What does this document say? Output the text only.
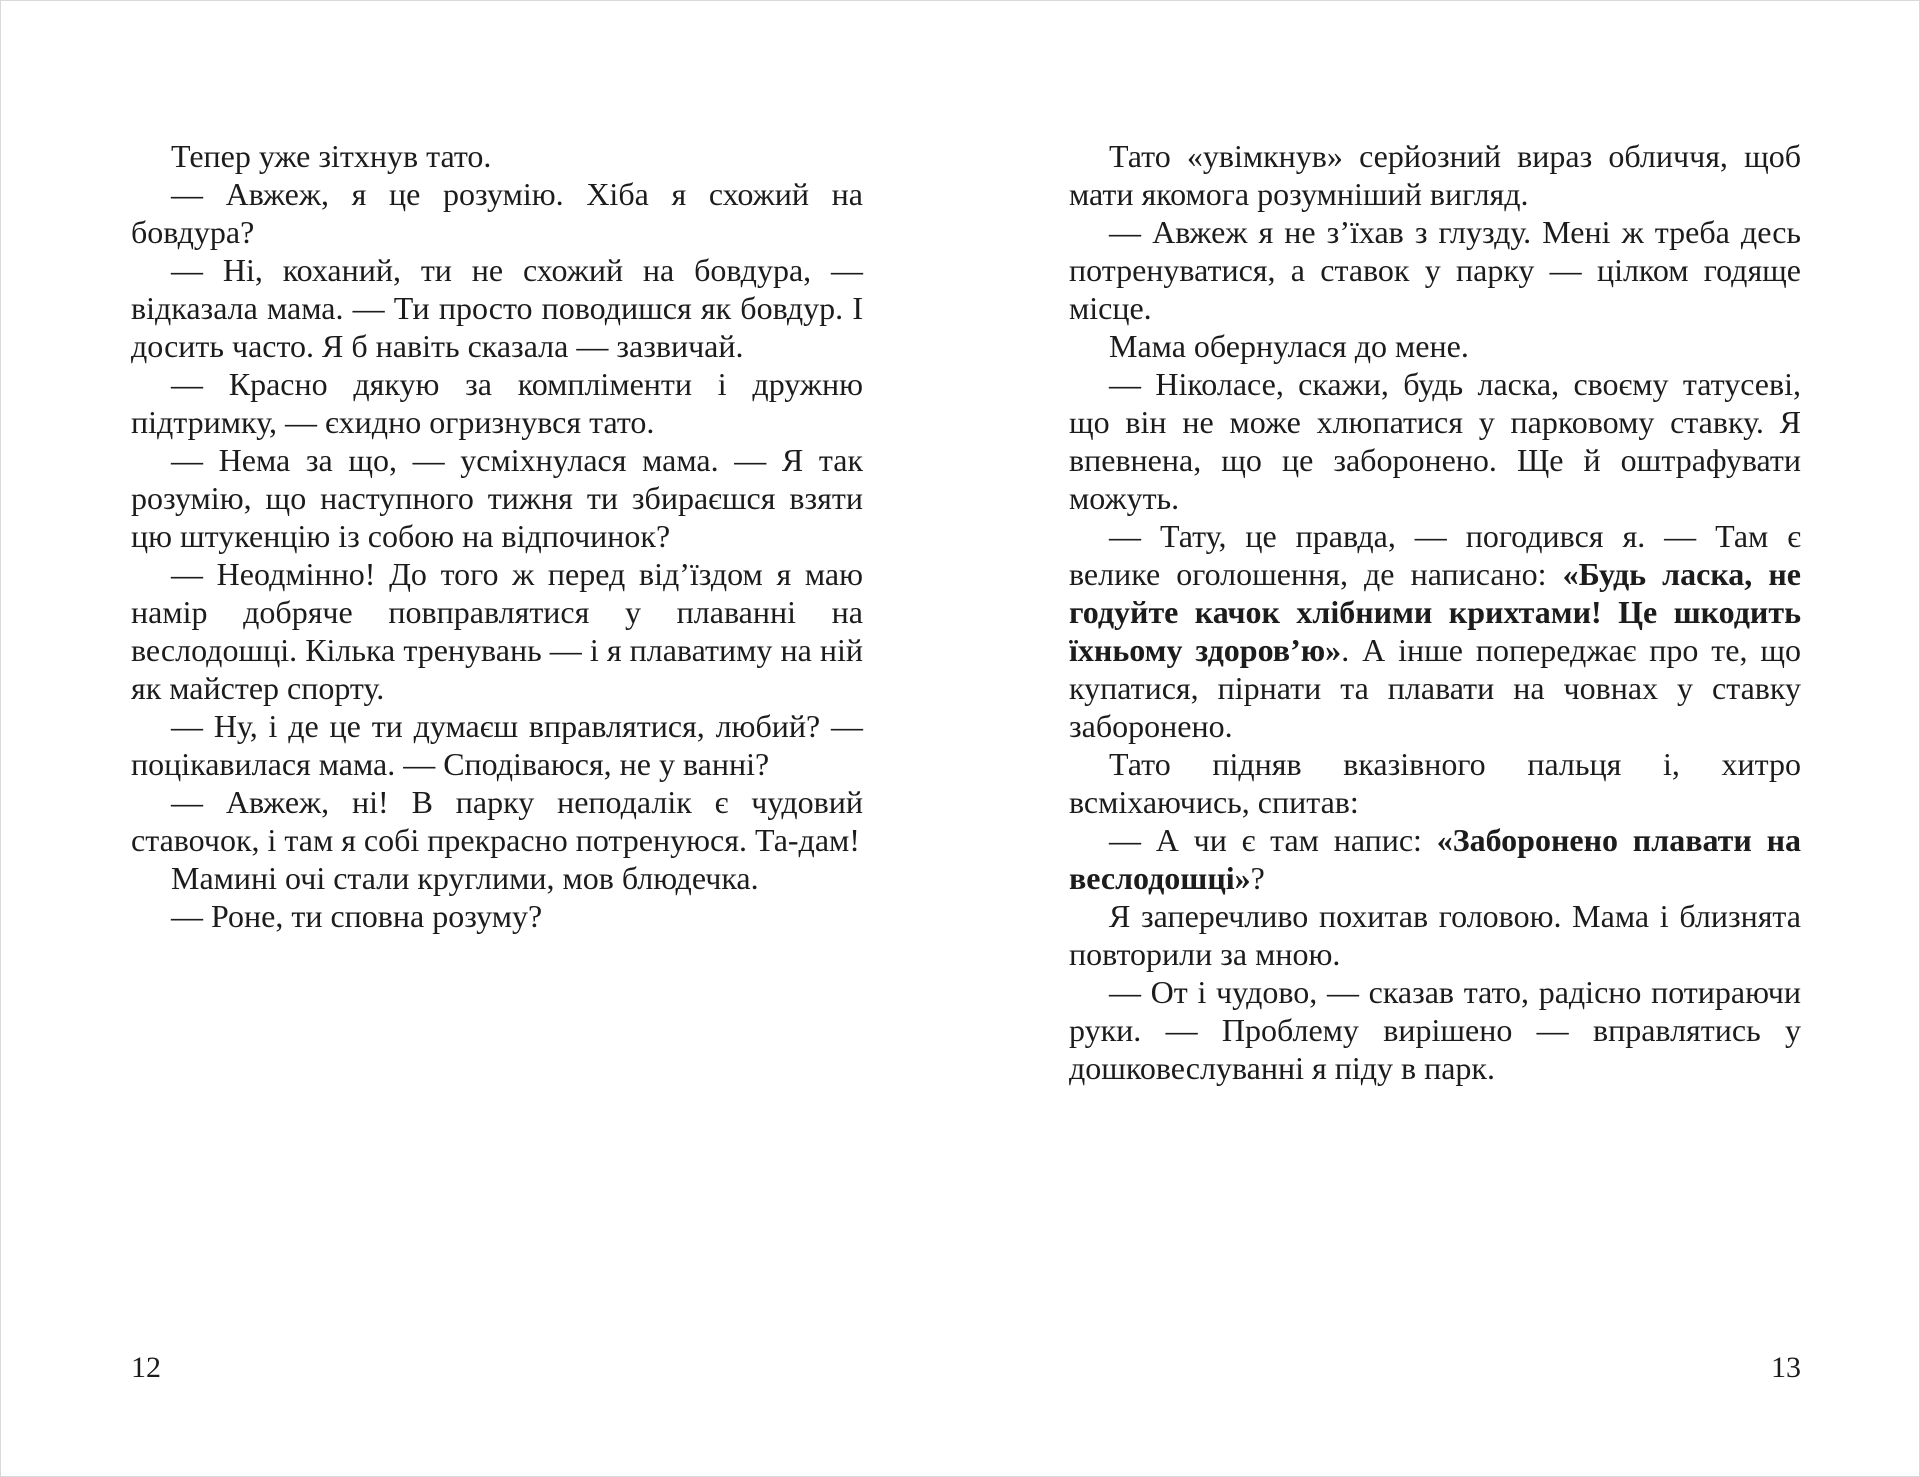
Тепер уже зітхнув тато.

— Авжеж, я це розумію. Хіба я схожий на бовдура?

— Ні, коханий, ти не схожий на бовдура, — відказала мама. — Ти просто поводишся як бовдур. І досить часто. Я б навіть сказала — зазвичай.

— Красно дякую за компліменти і дружню підтримку, — єхидно огризнувся тато.

— Нема за що, — усміхнулася мама. — Я так розумію, що наступного тижня ти збираєшся взяти цю штукенцію із собою на відпочинок?

— Неодмінно! До того ж перед від’їздом я маю намір добряче повправлятися у плаванні на веслодошці. Кілька тренувань — і я плаватиму на ній як майстер спорту.

— Ну, і де це ти думаєш вправлятися, любий? — поцікавилася мама. — Сподіваюся, не у ванні?

— Авжеж, ні! В парку неподалік є чудовий ставочок, і там я собі прекрасно потренуюся. Та-дам!

Мамині очі стали круглими, мов блюдечка.

— Роне, ти сповна розуму?

Тато «увімкнув» серйозний вираз обличчя, щоб мати якомога розумніший вигляд.

— Авжеж я не з’їхав з глузду. Мені ж треба десь потренуватися, а ставок у парку — цілком годяще місце.

Мама обернулася до мене.

— Ніколасе, скажи, будь ласка, своєму татусеві, що він не може хлюпатися у парковому ставку. Я впевнена, що це заборонено. Ще й оштрафувати можуть.

— Тату, це правда, — погодився я. — Там є велике оголошення, де написано: «Будь ласка, не годуйте качок хлібними крихтами! Це шкодить їхньому здоров’ю». А інше попереджає про те, що купатися, пірнати та плавати на човнах у ставку заборонено.

Тато підняв вказівного пальця і, хитро всміхаючись, спитав:

— А чи є там напис: «Заборонено плавати на веслодошці»?

Я заперечливо похитав головою. Мама і близнята повторили за мною.

— От і чудово, — сказав тато, радісно потираючи руки. — Проблему вирішено — вправлятись у дошковеслуванні я піду в парк.

12	13
